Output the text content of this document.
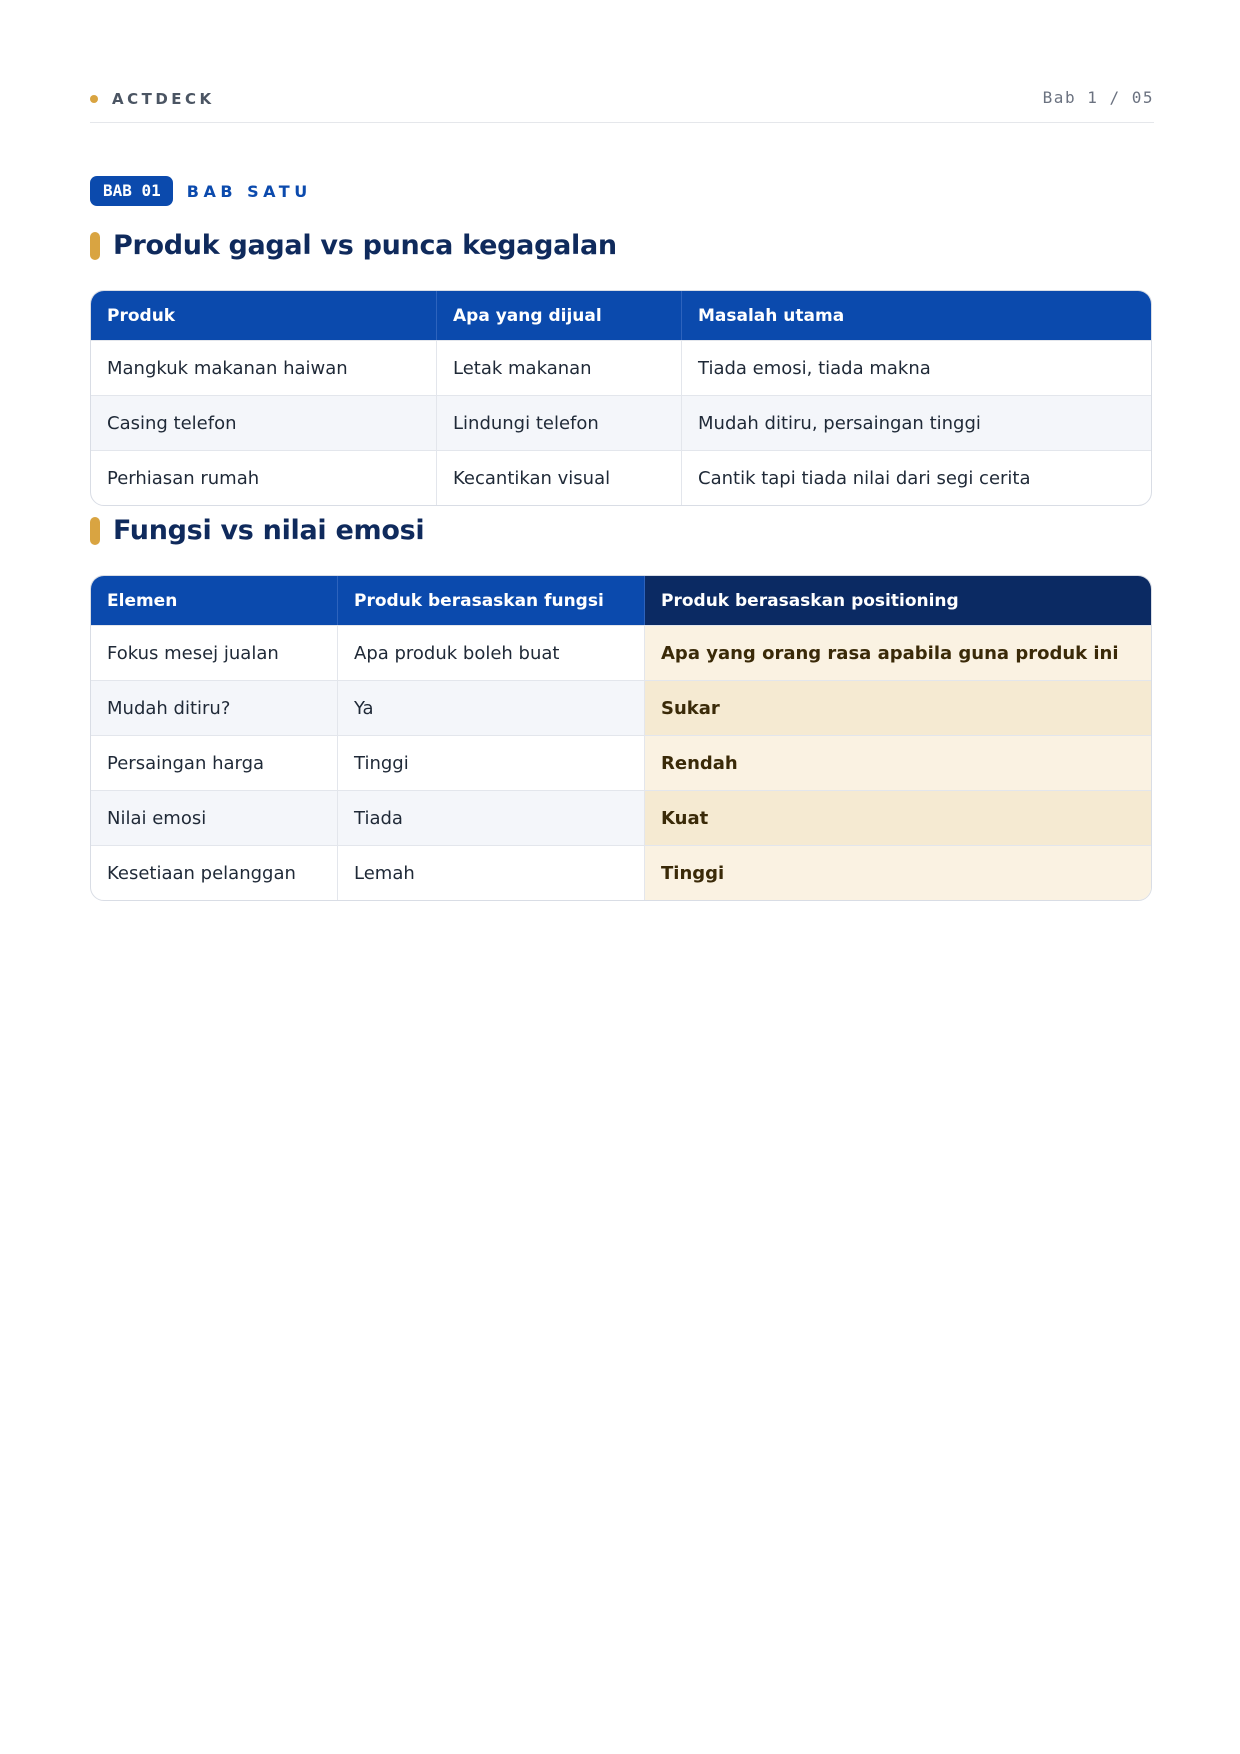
ACTDECK	Bab 1 / 05
BAB 01	BAB SATU
Produk gagal vs punca kegagalan
Produk	Apa yang dijual	Masalah utama
Mangkuk makanan haiwan	Letak makanan	Tiada emosi, tiada makna
Casing telefon	Lindungi telefon	Mudah ditiru, persaingan tinggi
Perhiasan rumah	Kecantikan visual	Cantik tapi tiada nilai dari segi cerita
Fungsi vs nilai emosi
Elemen	Produk berasaskan fungsi	Produk berasaskan positioning
Fokus mesej jualan	Apa produk boleh buat	Apa yang orang rasa apabila guna produk ini
Mudah ditiru?	Ya	Sukar
Persaingan harga	Tinggi	Rendah
Nilai emosi	Tiada	Kuat
Kesetiaan pelanggan	Lemah	Tinggi
